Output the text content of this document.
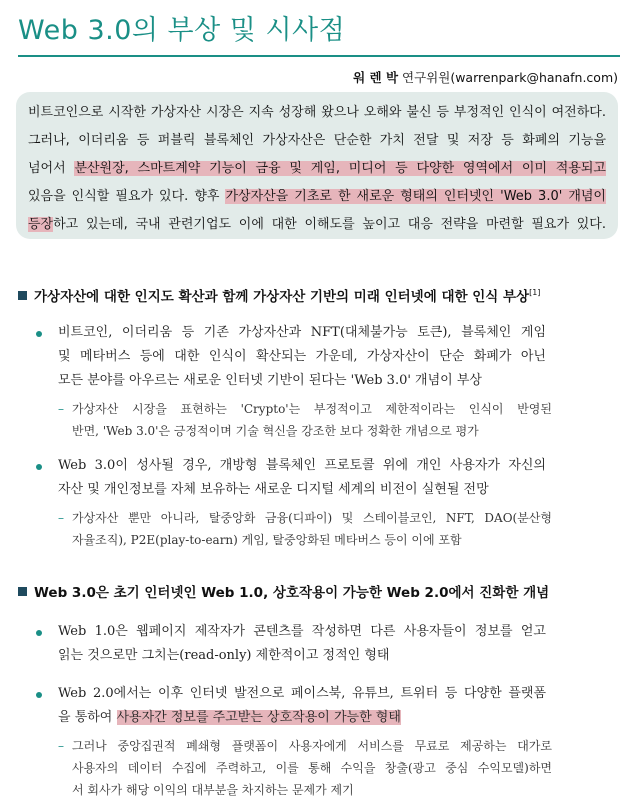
Web 3.0의 부상 및 시사점
워 렌 박 연구위원(warrenpark@hanafn.com)

비트코인으로 시작한 가상자산 시장은 지속 성장해 왔으나 오해와 불신 등 부정적인 인식이 여전하다.

그러나, 이더리움 등 퍼블릭 블록체인 가상자산은 단순한 가치 전달 및 저장 등 화폐의 기능을

넘어서 분산원장, 스마트계약 기능이 금융 및 게임, 미디어 등 다양한 영역에서 이미 적용되고

있음을 인식할 필요가 있다. 향후 가상자산을 기초로 한 새로운 형태의 인터넷인 'Web 3.0' 개념이

등장하고 있는데, 국내 관련기업도 이에 대한 이해도를 높이고 대응 전략을 마련할 필요가 있다.

가상자산에 대한 인지도 확산과 함께 가상자산 기반의 미래 인터넷에 대한 인식 부상[1]
비트코인, 이더리움 등 기존 가상자산과 NFT(대체불가능 토큰), 블록체인 게임
및 메타버스 등에 대한 인식이 확산되는 가운데, 가상자산이 단순 화폐가 아닌
모든 분야를 아우르는 새로운 인터넷 기반이 된다는 'Web 3.0' 개념이 부상
– 가상자산 시장을 표현하는 'Crypto'는 부정적이고 제한적이라는 인식이 반영된
반면, 'Web 3.0'은 긍정적이며 기술 혁신을 강조한 보다 정확한 개념으로 평가
Web 3.0이 성사될 경우, 개방형 블록체인 프로토콜 위에 개인 사용자가 자신의
자산 및 개인정보를 자체 보유하는 새로운 디지털 세계의 비전이 실현될 전망
– 가상자산 뿐만 아니라, 탈중앙화 금융(디파이) 및 스테이블코인, NFT, DAO(분산형
자율조직), P2E(play-to-earn) 게임, 탈중앙화된 메타버스 등이 이에 포함
Web 3.0은 초기 인터넷인 Web 1.0, 상호작용이 가능한 Web 2.0에서 진화한 개념
Web 1.0은 웹페이지 제작자가 콘텐츠를 작성하면 다른 사용자들이 정보를 얻고
읽는 것으로만 그치는(read-only) 제한적이고 정적인 형태
Web 2.0에서는 이후 인터넷 발전으로 페이스북, 유튜브, 트위터 등 다양한 플랫폼
을 통하여 사용자간 정보를 주고받는 상호작용이 가능한 형태
– 그러나 중앙집권적 폐쇄형 플랫폼이 사용자에게 서비스를 무료로 제공하는 대가로
사용자의 데이터 수집에 주력하고, 이를 통해 수익을 창출(광고 중심 수익모델)하면
서 회사가 해당 이익의 대부분을 차지하는 문제가 제기
